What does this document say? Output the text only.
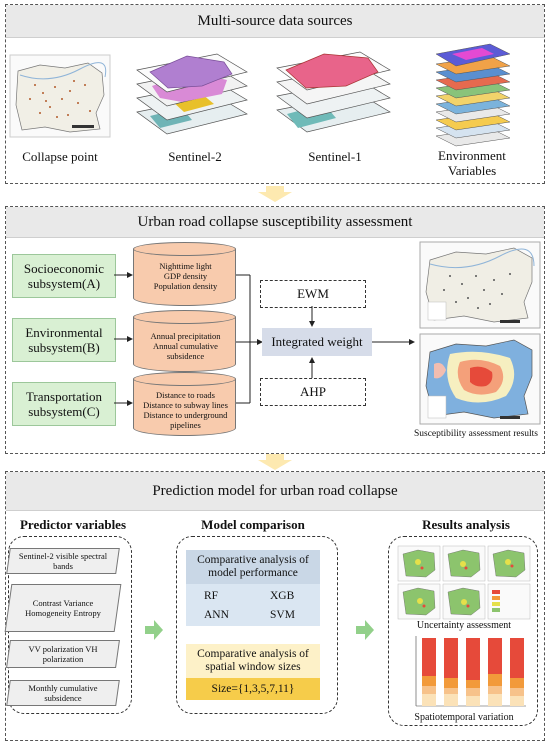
Multi-source data sources
Collapse point	Sentinel-2	Sentinel-1	Environment Variables
Urban road collapse susceptibility assessment
Socioeconomic subsystem(A)
Environmental subsystem(B)
Transportation subsystem(C)
Nighttime light
GDP density
Population density
Annual precipitation
Annual cumulative subsidence
Distance to roads
Distance to subway lines
Distance to underground pipelines
EWM
Integrated weight
AHP
Susceptibility assessment results
Prediction model for urban road collapse
Predictor variables	Model comparison	Results analysis
Sentinel-2 visible spectral bands
Contrast Variance Homogeneity Entropy
VV polarization VH polarization
Monthly cumulative subsidence
Comparative analysis of model performance
RF	XGB
ANN	SVM
Comparative analysis of spatial window sizes
Size={1,3,5,7,11}
Uncertainty assessment
Spatiotemporal variation
